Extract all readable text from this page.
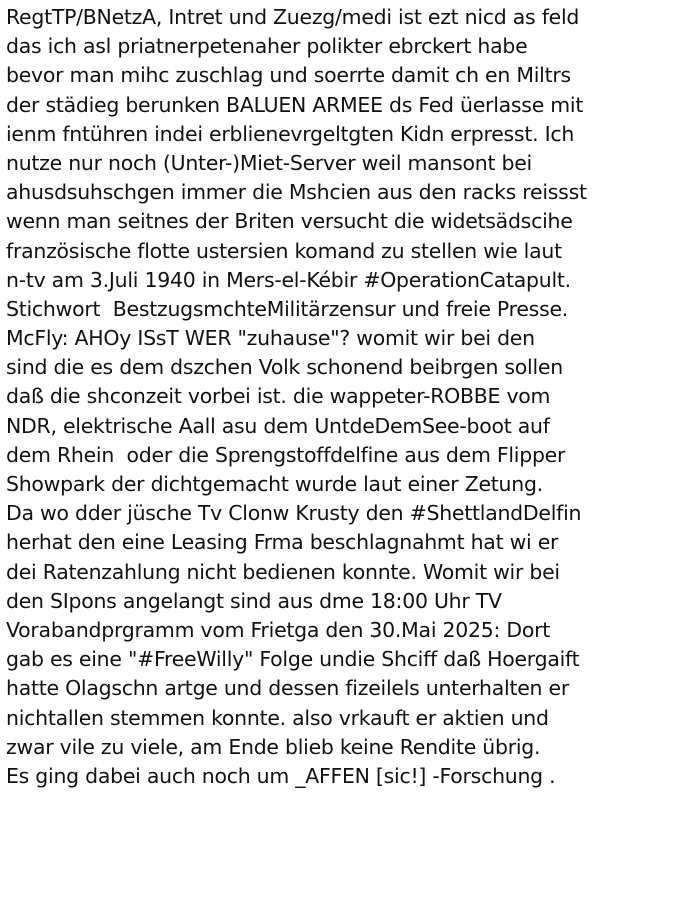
RegtTP/BNetzA, Intret und Zuezg/medi ist ezt nicd as feld
das ich asl priatnerpetenaher polikter ebrckert habe
bevor man mihc zuschlag und soerrte damit ch en Miltrs
der städieg berunken BALUEN ARMEE ds Fed üerlasse mit
ienm fntühren indei erblienevrgeltgten Kidn erpresst. Ich
nutze nur noch (Unter-)Miet-Server weil mansont bei
ahusdsuhschgen immer die Mshcien aus den racks reissst
wenn man seitnes der Briten versucht die widetsädscihe
französische flotte ustersien komand zu stellen wie laut
n-tv am 3.Juli 1940 in Mers-el-Kébir #OperationCatapult.
Stichwort  BestzugsmchteMilitärzensur und freie Presse.
McFly: AHOy ISsT WER "zuhause"? womit wir bei den
sind die es dem dszchen Volk schonend beibrgen sollen
daß die shconzeit vorbei ist. die wappeter-ROBBE vom
NDR, elektrische Aall asu dem UntdeDemSee-boot auf
dem Rhein  oder die Sprengstoffdelfine aus dem Flipper
Showpark der dichtgemacht wurde laut einer Zetung.
Da wo dder jüsche Tv Clonw Krusty den #ShettlandDelfin
herhat den eine Leasing Frma beschlagnahmt hat wi er
dei Ratenzahlung nicht bedienen konnte. Womit wir bei
den SIpons angelangt sind aus dme 18:00 Uhr TV
Vorabandprgramm vom Frietga den 30.Mai 2025: Dort
gab es eine "#FreeWilly" Folge undie Shciff daß Hoergaift
hatte Olagschn artge und dessen fizeilels unterhalten er
nichtallen stemmen konnte. also vrkauft er aktien und
zwar vile zu viele, am Ende blieb keine Rendite übrig.
Es ging dabei auch noch um _AFFEN [sic!] -Forschung .
